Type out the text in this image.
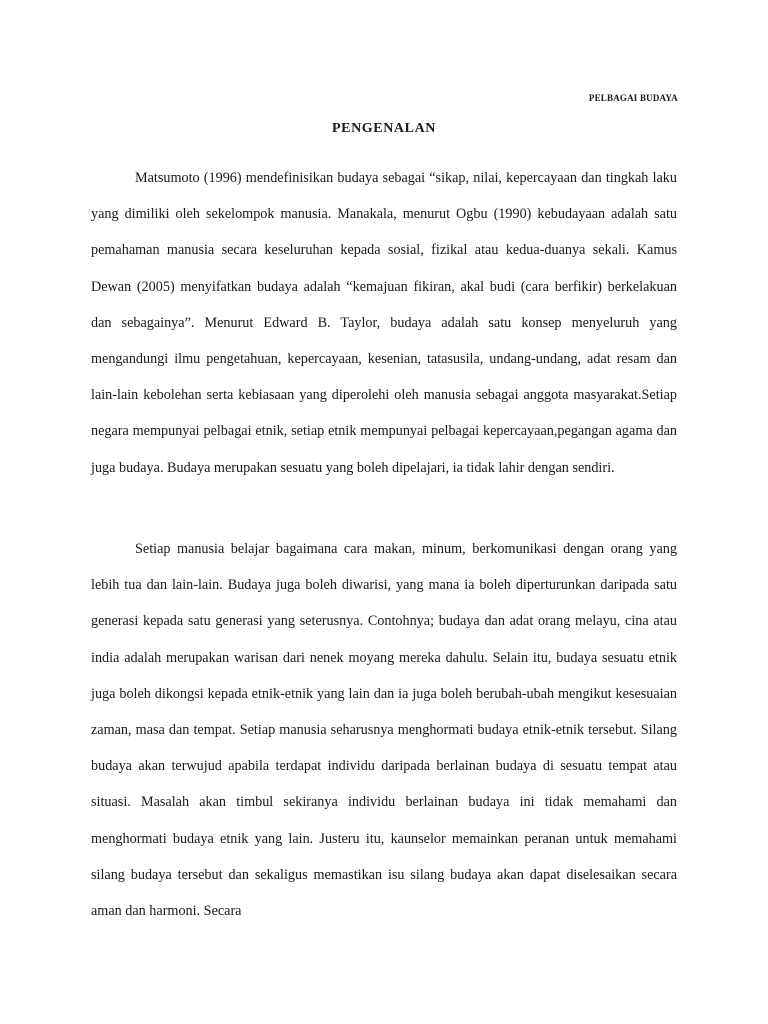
PELBAGAI BUDAYA
PENGENALAN

Matsumoto (1996) mendefinisikan budaya sebagai “sikap, nilai, kepercayaan dan tingkah laku yang dimiliki oleh sekelompok manusia. Manakala, menurut Ogbu (1990) kebudayaan adalah satu pemahaman manusia secara keseluruhan kepada sosial, fizikal atau kedua-duanya sekali. Kamus Dewan (2005) menyifatkan budaya adalah “kemajuan fikiran, akal budi (cara berfikir) berkelakuan dan sebagainya”. Menurut Edward B. Taylor, budaya adalah satu konsep menyeluruh yang mengandungi ilmu pengetahuan, kepercayaan, kesenian, tatasusila, undang-undang, adat resam dan lain-lain kebolehan serta kebiasaan yang diperolehi oleh manusia sebagai anggota masyarakat.Setiap negara mempunyai pelbagai etnik, setiap etnik mempunyai pelbagai kepercayaan,pegangan agama dan juga budaya. Budaya merupakan sesuatu yang boleh dipelajari, ia tidak lahir dengan sendiri.

Setiap manusia belajar bagaimana cara makan, minum, berkomunikasi dengan orang yang lebih tua dan lain-lain. Budaya juga boleh diwarisi, yang mana ia boleh diperturunkan daripada satu generasi kepada satu generasi yang seterusnya. Contohnya; budaya dan adat orang melayu, cina atau india adalah merupakan warisan dari nenek moyang mereka dahulu. Selain itu, budaya sesuatu etnik juga boleh dikongsi kepada etnik-etnik yang lain dan ia juga boleh berubah-ubah mengikut kesesuaian zaman, masa dan tempat. Setiap manusia seharusnya menghormati budaya etnik-etnik tersebut. Silang budaya akan terwujud apabila terdapat individu daripada berlainan budaya di sesuatu tempat atau situasi. Masalah akan timbul sekiranya individu berlainan budaya ini tidak memahami dan menghormati budaya etnik yang lain. Justeru itu, kaunselor memainkan peranan untuk memahami silang budaya tersebut dan sekaligus memastikan isu silang budaya akan dapat diselesaikan secara aman dan harmoni. Secara
